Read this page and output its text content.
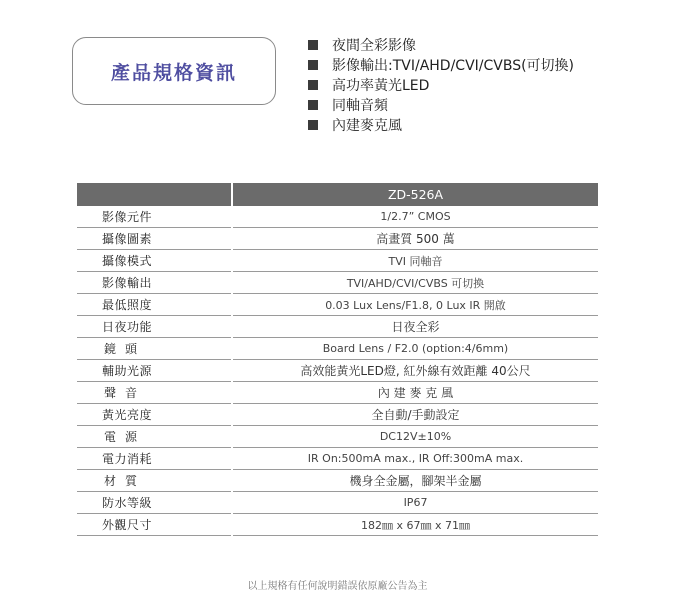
產品規格資訊
夜間全彩影像
影像輸出:TVI/AHD/CVI/CVBS(可切換)
高功率黃光LED
同軸音頻
內建麥克風
	ZD-526A
影像元件	1/2.7” CMOS
攝像圖素	高畫質 500 萬
攝像模式	TVI 同軸音
影像輸出	TVI/AHD/CVI/CVBS 可切換
最低照度	0.03 Lux Lens/F1.8, 0 Lux IR 開啟
日夜功能	日夜全彩
鏡頭	Board Lens / F2.0 (option:4/6mm)
輔助光源	高效能黃光LED燈, 紅外線有效距離 40公尺
聲音	內 建 麥 克 風
黃光亮度	全自動/手動設定
電源	DC12V±10%
電力消耗	IR On:500mA max., IR Off:300mA max.
材質	機身全金屬，腳架半金屬
防水等級	IP67
外觀尺寸	182㎜ x 67㎜ x 71㎜
以上規格有任何說明錯誤依原廠公告為主
